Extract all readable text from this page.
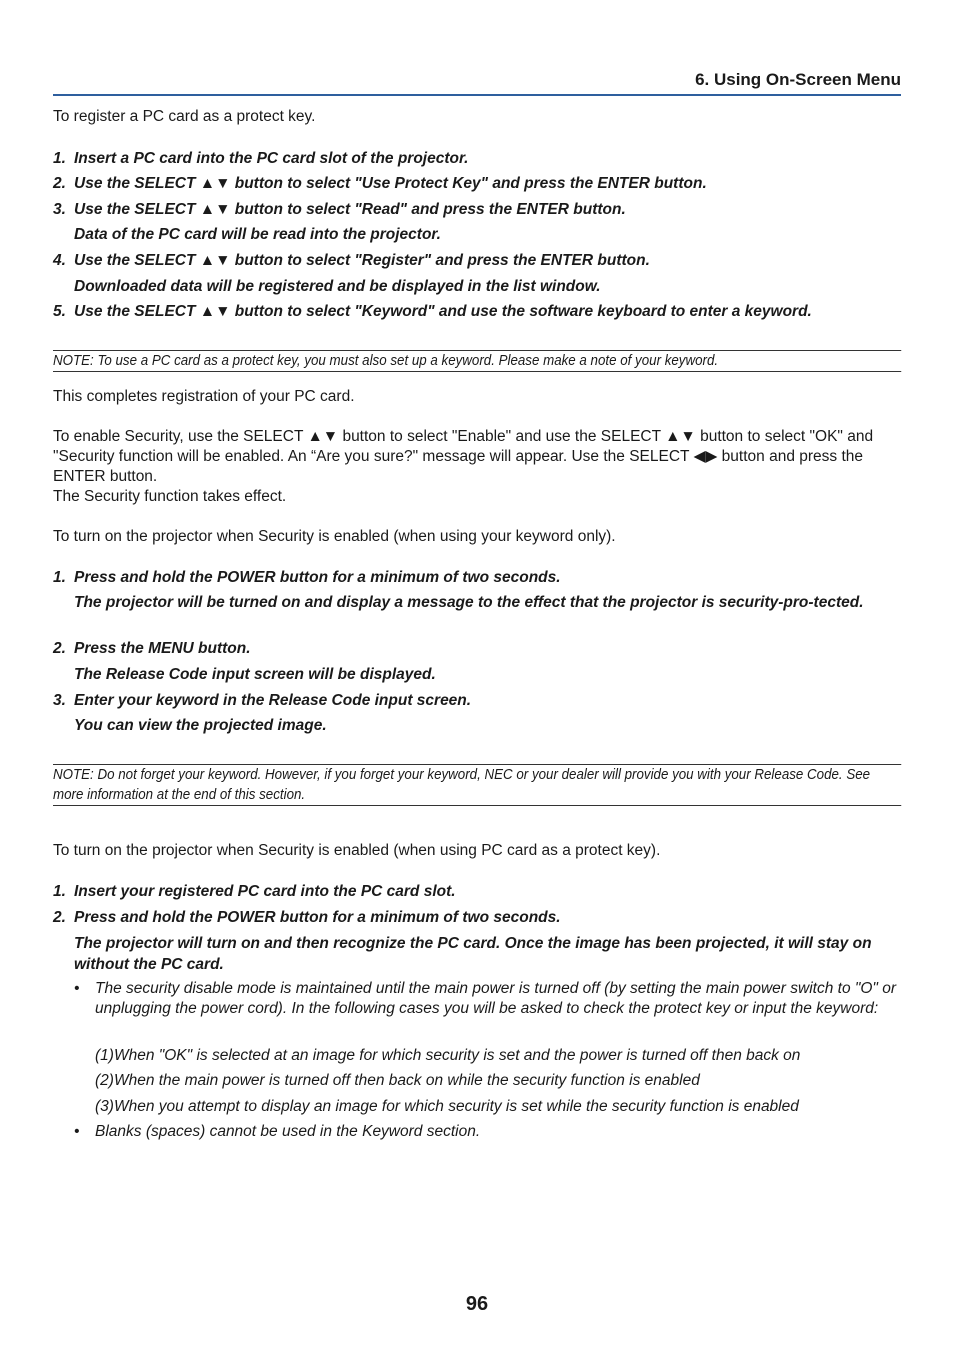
6. Using On-Screen Menu
To register a PC card as a protect key.
1. Insert a PC card into the PC card slot of the projector.
2. Use the SELECT ▲▼ button to select "Use Protect Key" and press the ENTER button.
3. Use the SELECT ▲▼ button to select "Read" and press the ENTER button.
Data of the PC card will be read into the projector.
4. Use the SELECT ▲▼ button to select "Register" and press the ENTER button.
Downloaded data will be registered and be displayed in the list window.
5. Use the SELECT ▲▼ button to select "Keyword" and use the software keyboard to enter a keyword.
NOTE: To use a PC card as a protect key, you must also set up a keyword. Please make a note of your keyword.
This completes registration of your PC card.
To enable Security, use the SELECT ▲▼ button to select "Enable" and use the SELECT ▲▼ button to select "OK" and "Security function will be enabled. An “Are you sure?" message will appear. Use the SELECT ◀▶ button and press the ENTER button.
The Security function takes effect.
To turn on the projector when Security is enabled (when using your keyword only).
1. Press and hold the POWER button for a minimum of two seconds.
The projector will be turned on and display a message to the effect that the projector is security-pro-tected.
2. Press the MENU button.
The Release Code input screen will be displayed.
3. Enter your keyword in the Release Code input screen.
You can view the projected image.
NOTE: Do not forget your keyword. However, if you forget your keyword, NEC or your dealer will provide you with your Release Code. See more information at the end of this section.
To turn on the projector when Security is enabled (when using PC card as a protect key).
1. Insert your registered PC card into the PC card slot.
2. Press and hold the POWER button for a minimum of two seconds.
The projector will turn on and then recognize the PC card. Once the image has been projected, it will stay on without the PC card.
• The security disable mode is maintained until the main power is turned off (by setting the main power switch to "O" or unplugging the power cord). In the following cases you will be asked to check the protect key or input the keyword:
(1)When "OK" is selected at an image for which security is set and the power is turned off then back on
(2)When the main power is turned off then back on while the security function is enabled
(3)When you attempt to display an image for which security is set while the security function is enabled
• Blanks (spaces) cannot be used in the Keyword section.
96
